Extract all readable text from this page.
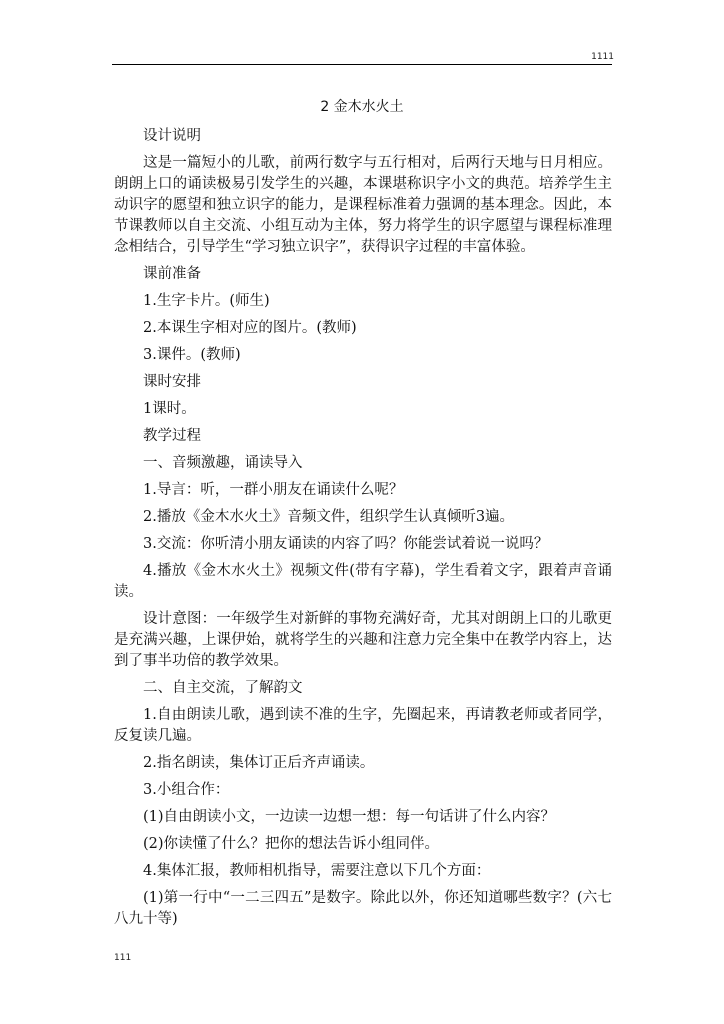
1111
2 金木水火土

设计说明

这是一篇短小的儿歌，前两行数字与五行相对，后两行天地与日月相应。朗朗上口的诵读极易引发学生的兴趣，本课堪称识字小文的典范。培养学生主动识字的愿望和独立识字的能力，是课程标准着力强调的基本理念。因此，本节课教师以自主交流、小组互动为主体，努力将学生的识字愿望与课程标准理念相结合，引导学生“学习独立识字”，获得识字过程的丰富体验。

课前准备

1.生字卡片。(师生)

2.本课生字相对应的图片。(教师)

3.课件。(教师)

课时安排

1课时。

教学过程

一、音频激趣，诵读导入

1.导言：听，一群小朋友在诵读什么呢？

2.播放《金木水火土》音频文件，组织学生认真倾听3遍。

3.交流：你听清小朋友诵读的内容了吗？你能尝试着说一说吗？

4.播放《金木水火土》视频文件(带有字幕)，学生看着文字，跟着声音诵读。

设计意图：一年级学生对新鲜的事物充满好奇，尤其对朗朗上口的儿歌更是充满兴趣，上课伊始，就将学生的兴趣和注意力完全集中在教学内容上，达到了事半功倍的教学效果。

二、自主交流，了解韵文

1.自由朗读儿歌，遇到读不准的生字，先圈起来，再请教老师或者同学，反复读几遍。

2.指名朗读，集体订正后齐声诵读。

3.小组合作：

(1)自由朗读小文，一边读一边想一想：每一句话讲了什么内容？

(2)你读懂了什么？把你的想法告诉小组同伴。

4.集体汇报，教师相机指导，需要注意以下几个方面：

(1)第一行中“一二三四五”是数字。除此以外，你还知道哪些数字？(六七八九十等)

111
